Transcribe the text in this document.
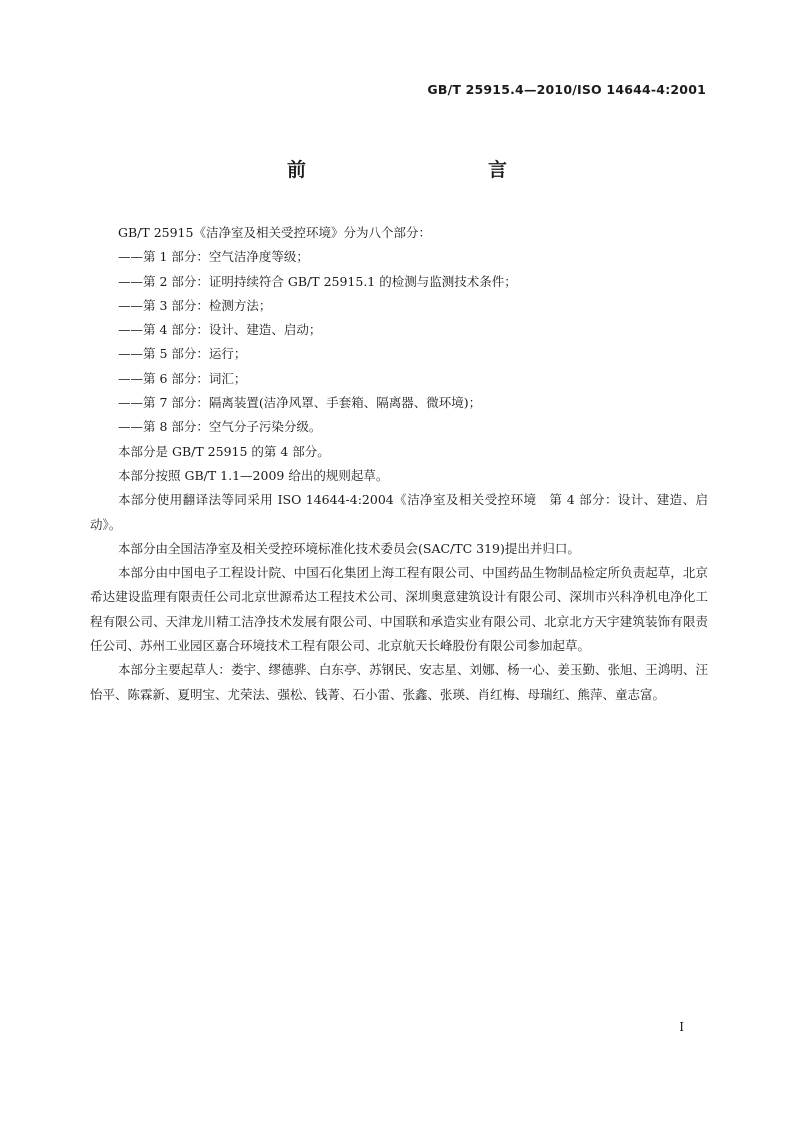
GB/T 25915.4—2010/ISO 14644-4:2001
前　　言

GB/T 25915《洁净室及相关受控环境》分为八个部分：

——第 1 部分：空气洁净度等级；

——第 2 部分：证明持续符合 GB/T 25915.1 的检测与监测技术条件；

——第 3 部分：检测方法；

——第 4 部分：设计、建造、启动；

——第 5 部分：运行；

——第 6 部分：词汇；

——第 7 部分：隔离装置(洁净风罩、手套箱、隔离器、微环境)；

——第 8 部分：空气分子污染分级。

本部分是 GB/T 25915 的第 4 部分。

本部分按照 GB/T 1.1—2009 给出的规则起草。

本部分使用翻译法等同采用 ISO 14644-4:2004《洁净室及相关受控环境　第 4 部分：设计、建造、启动》。

本部分由全国洁净室及相关受控环境标准化技术委员会(SAC/TC 319)提出并归口。

本部分由中国电子工程设计院、中国石化集团上海工程有限公司、中国药品生物制品检定所负责起草，北京希达建设监理有限责任公司北京世源希达工程技术公司、深圳奥意建筑设计有限公司、深圳市兴科净机电净化工程有限公司、天津龙川精工洁净技术发展有限公司、中国联和承造实业有限公司、北京北方天宇建筑装饰有限责任公司、苏州工业园区嘉合环境技术工程有限公司、北京航天长峰股份有限公司参加起草。

本部分主要起草人：娄宇、缪德骅、白东亭、苏钢民、安志星、刘娜、杨一心、姜玉勤、张旭、王鸿明、汪怡平、陈霖新、夏明宝、尤荣法、强松、钱菁、石小雷、张鑫、张瑛、肖红梅、母瑞红、熊萍、童志富。

I
